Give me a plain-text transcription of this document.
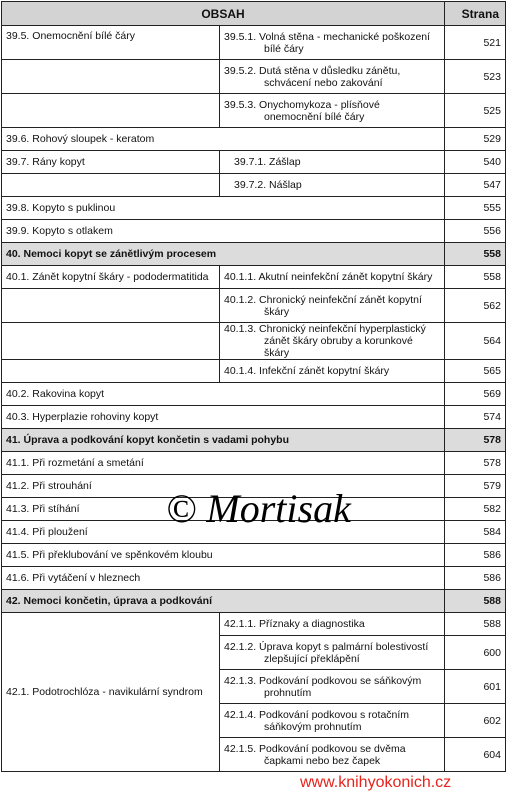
OBSAH		Strana
39.5. Onemocnění bílé čáry	39.5.1. Volná stěna - mechanické poškození
bílé čáry	521
	39.5.2. Dutá stěna v důsledku zánětu,
schvácení nebo zakování	523
	39.5.3. Onychomykoza - plísňové
onemocnění bílé čáry	525
39.6. Rohový sloupek - keratom		529
39.7. Rány kopyt	39.7.1. Zášlap	540
	39.7.2. Nášlap	547
39.8. Kopyto s puklinou		555
39.9. Kopyto s otlakem		556
40. Nemoci kopyt se zánětlivým procesem		558
40.1. Zánět kopytní škáry - pododermatitida	40.1.1. Akutní neinfekční zánět kopytní škáry	558
	40.1.2. Chronický neinfekční zánět kopytní
škáry	562
	40.1.3. Chronický neinfekční hyperplastický
zánět škáry obruby a korunkové škáry	564
	40.1.4. Infekční zánět kopytní škáry	565
40.2. Rakovina kopyt		569
40.3. Hyperplazie rohoviny kopyt		574
41. Úprava a podkování kopyt končetin s vadami pohybu		578
41.1. Při rozmetání a smetání		578
41.2. Při strouhání		579
41.3. Při stíhání		582
41.4. Při ploužení		584
41.5. Při překlubování ve spěnkovém kloubu		586
41.6. Při vytáčení v hleznech		586
42. Nemoci končetin, úprava a podkování		588
42.1. Podotrochlóza - navikulární syndrom	42.1.1. Příznaky a diagnostika	588
	42.1.2. Úprava kopyt s palmární bolestivostí
zlepšující překlápění	600
	42.1.3. Podkování podkovou se sáňkovým
prohnutím	601
	42.1.4. Podkování podkovou s rotačním
sáňkovým prohnutím	602
	42.1.5. Podkování podkovou se dvěma
čapkami nebo bez čapek	604
© Mortisak
www.knihyokonich.cz
